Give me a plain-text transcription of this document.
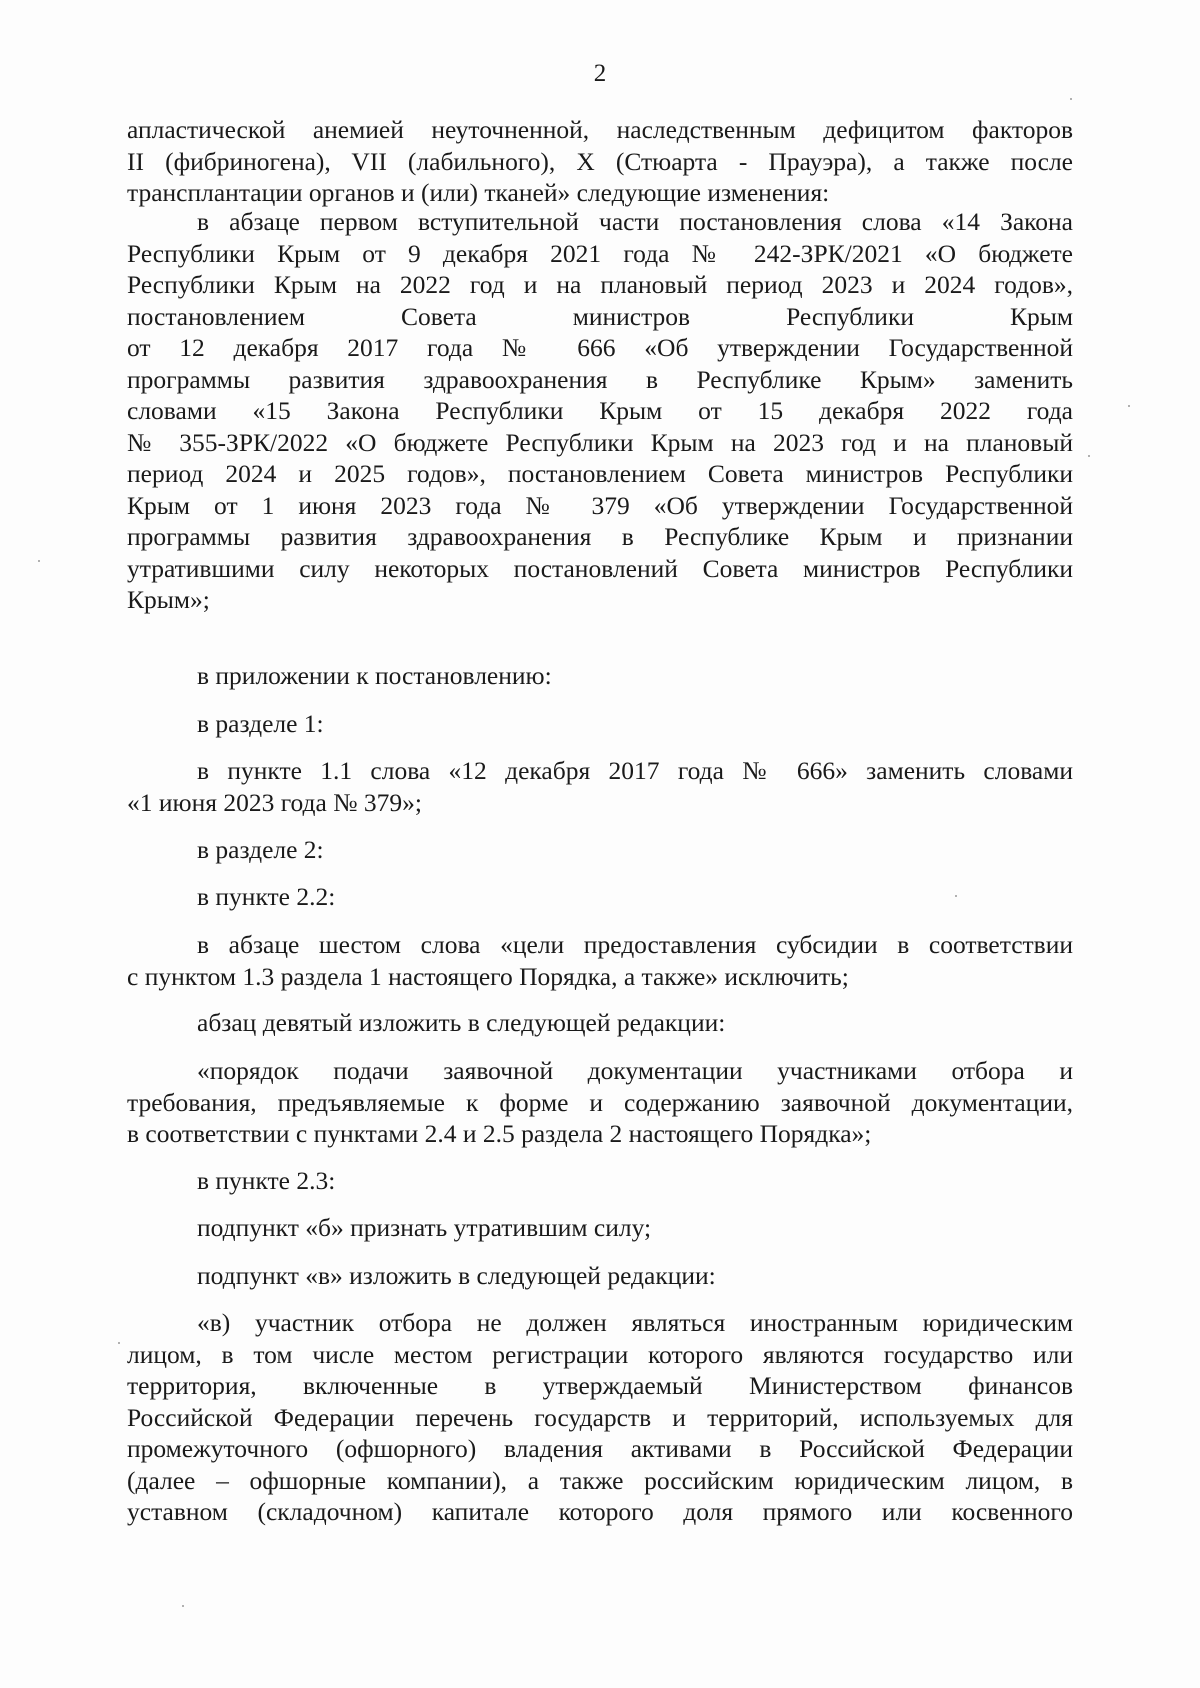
2

апластической анемией неуточненной, наследственным дефицитом факторов

II (фибриногена), VII (лабильного), X (Стюарта - Прауэра), а также после

трансплантации органов и (или) тканей» следующие изменения:

в абзаце первом вступительной части постановления слова «14 Закона

Республики Крым от 9 декабря 2021 года № 242-ЗРК/2021 «О бюджете

Республики Крым на 2022 год и на плановый период 2023 и 2024 годов»,

постановлением Совета министров Республики Крым

от 12 декабря 2017 года № 666 «Об утверждении Государственной

программы развития здравоохранения в Республике Крым» заменить

словами «15 Закона Республики Крым от 15 декабря 2022 года

№ 355-ЗРК/2022 «О бюджете Республики Крым на 2023 год и на плановый

период 2024 и 2025 годов», постановлением Совета министров Республики

Крым от 1 июня 2023 года № 379 «Об утверждении Государственной

программы развития здравоохранения в Республике Крым и признании

утратившими силу некоторых постановлений Совета министров Республики

Крым»;

в приложении к постановлению:

в разделе 1:

в пункте 1.1 слова «12 декабря 2017 года № 666» заменить словами

«1 июня 2023 года № 379»;

в разделе 2:

в пункте 2.2:

в абзаце шестом слова «цели предоставления субсидии в соответствии

с пунктом 1.3 раздела 1 настоящего Порядка, а также» исключить;

абзац девятый изложить в следующей редакции:

«порядок подачи заявочной документации участниками отбора и

требования, предъявляемые к форме и содержанию заявочной документации,

в соответствии с пунктами 2.4 и 2.5 раздела 2 настоящего Порядка»;

в пункте 2.3:

подпункт «б» признать утратившим силу;

подпункт «в» изложить в следующей редакции:

«в) участник отбора не должен являться иностранным юридическим

лицом, в том числе местом регистрации которого являются государство или

территория, включенные в утверждаемый Министерством финансов

Российской Федерации перечень государств и территорий, используемых для

промежуточного (офшорного) владения активами в Российской Федерации

(далее – офшорные компании), а также российским юридическим лицом, в

уставном (складочном) капитале которого доля прямого или косвенного
